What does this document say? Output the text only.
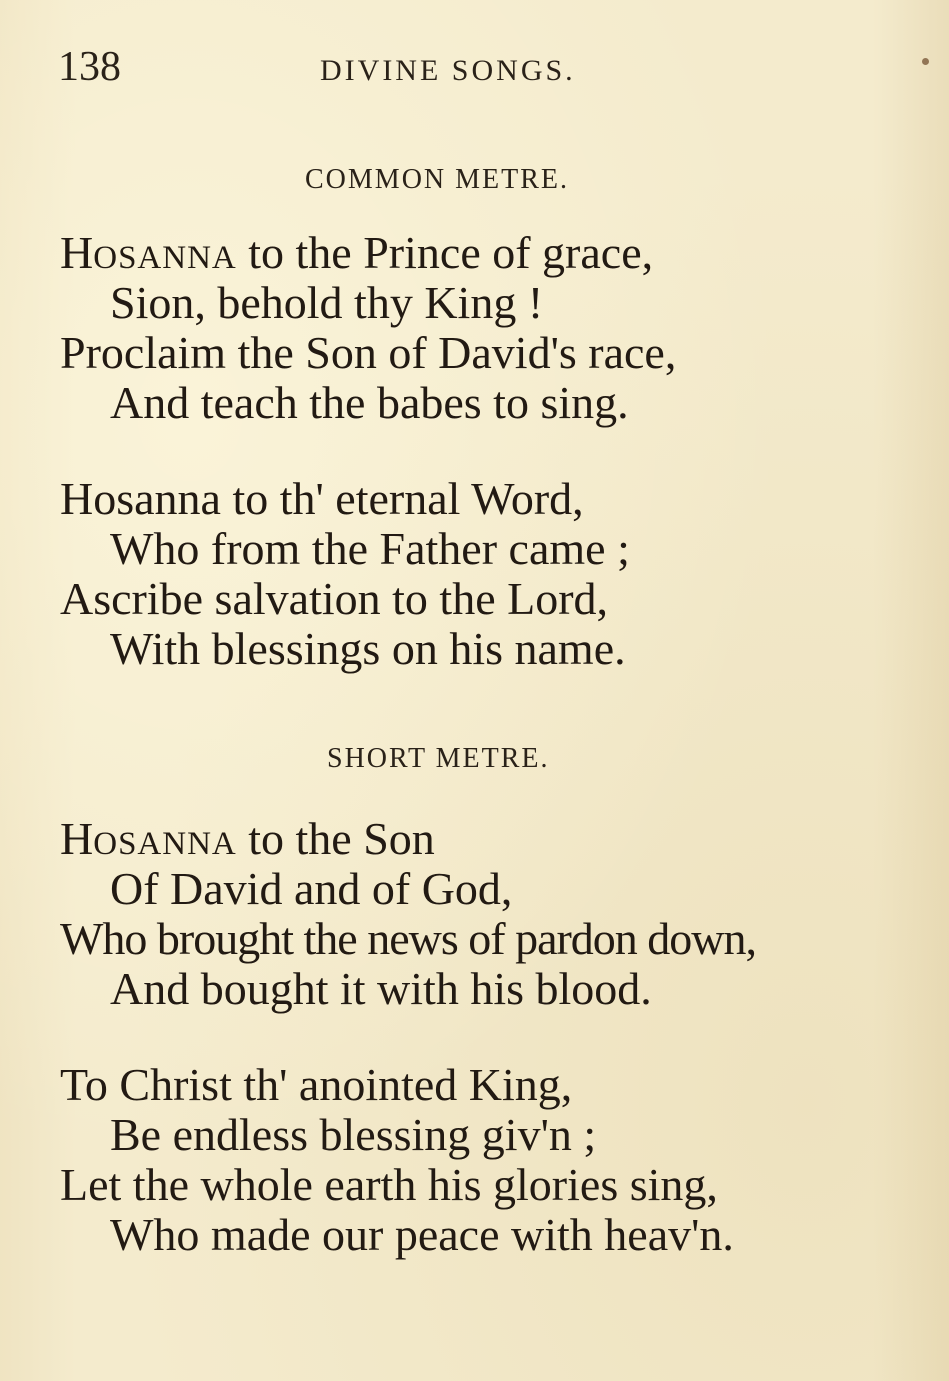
138	DIVINE SONGS.
COMMON METRE.
HOSANNA to the Prince of grace,
Sion, behold thy King !
Proclaim the Son of David's race,
And teach the babes to sing.
Hosanna to th' eternal Word,
Who from the Father came ;
Ascribe salvation to the Lord,
With blessings on his name.
SHORT METRE.
HOSANNA to the Son
Of David and of God,
Who brought the news of pardon down,
And bought it with his blood.
To Christ th' anointed King,
Be endless blessing giv'n ;
Let the whole earth his glories sing,
Who made our peace with heav'n.
